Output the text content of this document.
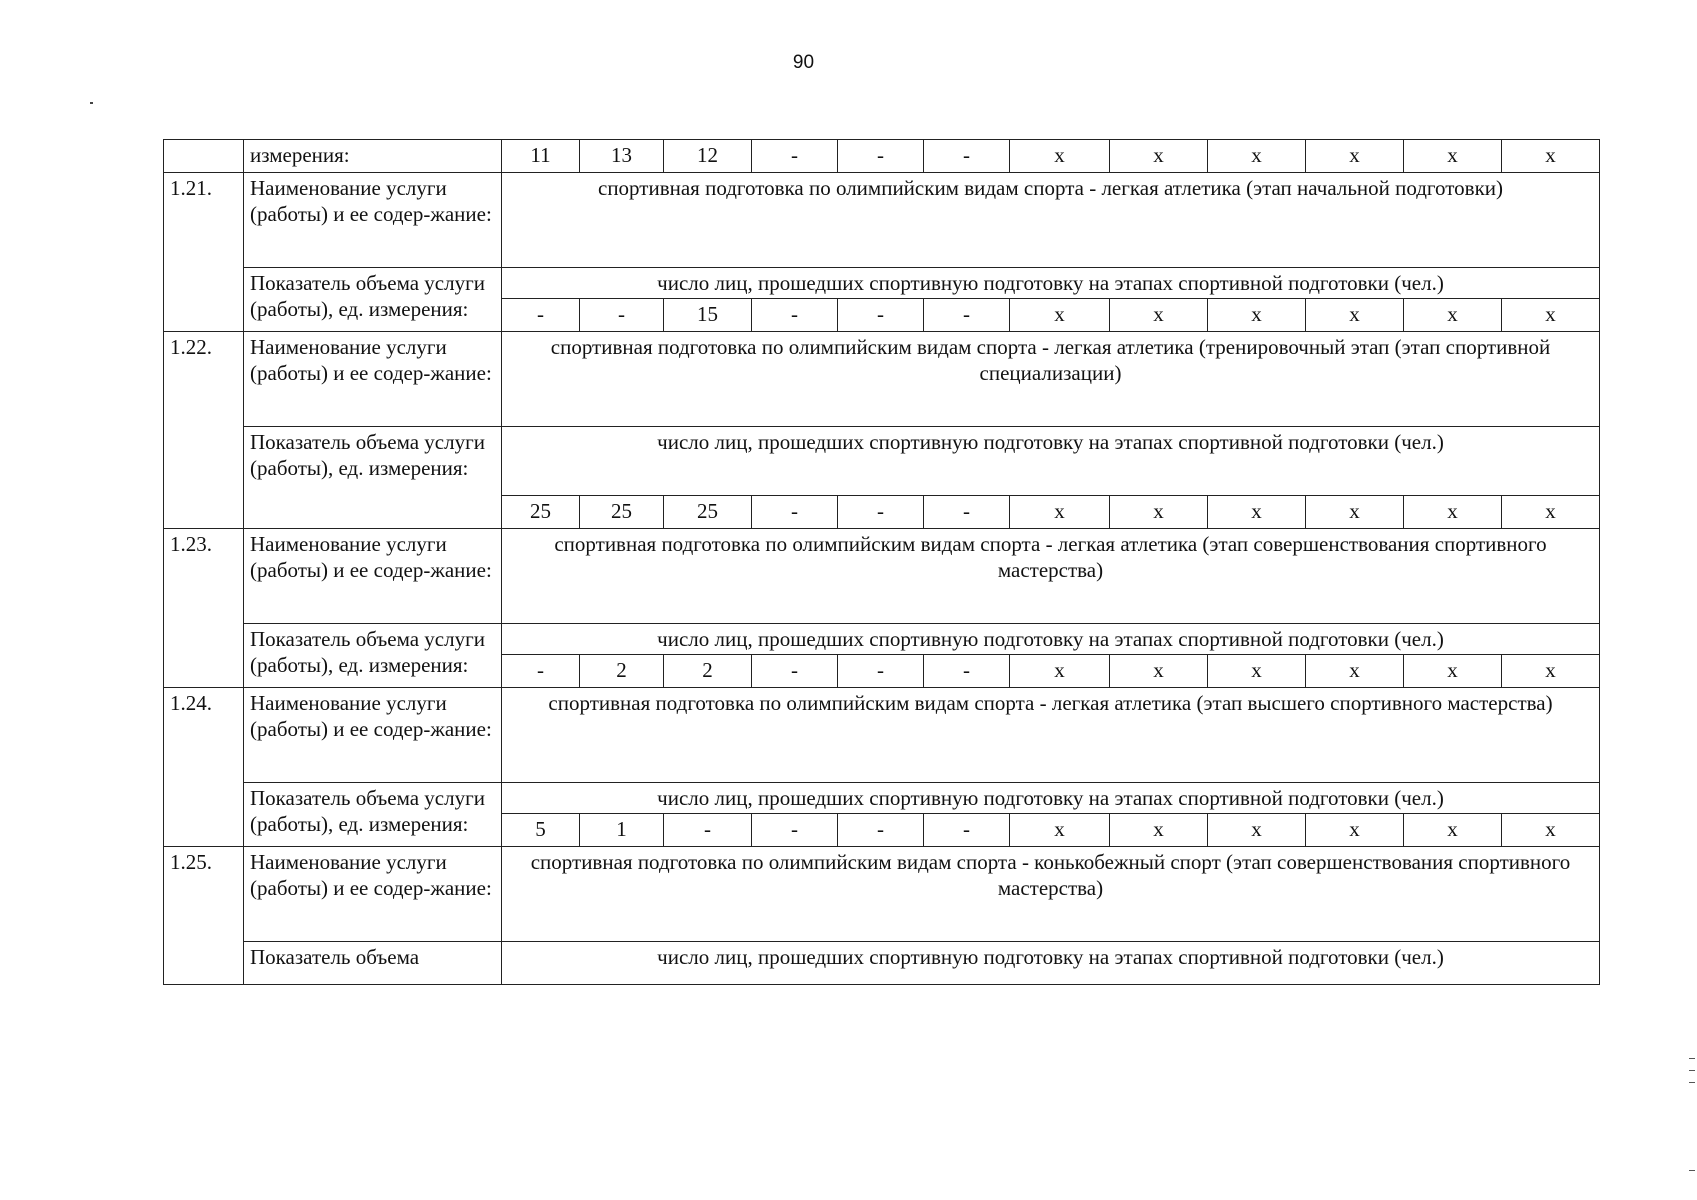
90
	измерения:	11	13	12	-	-	-	x	x	x	x	x	x
1.21.	Наименование услуги (работы) и ее содер-жание:	спортивная подготовка по олимпийским видам спорта - легкая атлетика (этап начальной подготовки)											
	Показатель объема услуги (работы), ед. измерения:	число лиц, прошедших спортивную подготовку на этапах спортивной подготовки (чел.)											
		-	-	15	-	-	-	x	x	x	x	x	x
1.22.	Наименование услуги (работы) и ее содер-жание:	спортивная подготовка по олимпийским видам спорта - легкая атлетика (тренировочный этап (этап спортивной специализации)											
	Показатель объема услуги (работы), ед. измерения:	число лиц, прошедших спортивную подготовку на этапах спортивной подготовки (чел.)											
		25	25	25	-	-	-	x	x	x	x	x	x
1.23.	Наименование услуги (работы) и ее содер-жание:	спортивная подготовка по олимпийским видам спорта - легкая атлетика (этап совершенствования спортивного мастерства)											
	Показатель объема услуги (работы), ед. измерения:	число лиц, прошедших спортивную подготовку на этапах спортивной подготовки (чел.)											
		-	2	2	-	-	-	x	x	x	x	x	x
1.24.	Наименование услуги (работы) и ее содер-жание:	спортивная подготовка по олимпийским видам спорта - легкая атлетика (этап высшего спортивного мастерства)											
	Показатель объема услуги (работы), ед. измерения:	число лиц, прошедших спортивную подготовку на этапах спортивной подготовки (чел.)											
		5	1	-	-	-	-	x	x	x	x	x	x
1.25.	Наименование услуги (работы) и ее содер-жание:	спортивная подготовка по олимпийским видам спорта - конькобежный спорт (этап совершенствования спортивного мастерства)											
	Показатель объема	число лиц, прошедших спортивную подготовку на этапах спортивной подготовки (чел.)											
